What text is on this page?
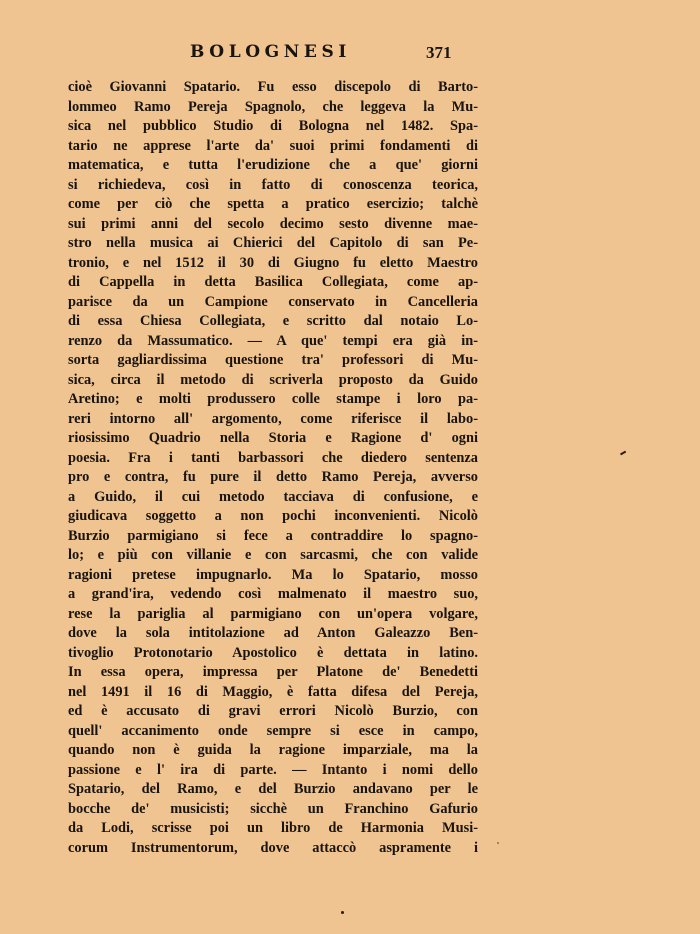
BOLOGNESI	371
cioè Giovanni Spatario. Fu esso discepolo di Barto-
lommeo Ramo Pereja Spagnolo, che leggeva la Mu-
sica nel pubblico Studio di Bologna nel 1482. Spa-
tario ne apprese l'arte da' suoi primi fondamenti di
matematica, e tutta l'erudizione che a que' giorni
si richiedeva, così in fatto di conoscenza teorica,
come per ciò che spetta a pratico esercizio; talchè
sui primi anni del secolo decimo sesto divenne mae-
stro nella musica ai Chierici del Capitolo di san Pe-
tronio, e nel 1512 il 30 di Giugno fu eletto Maestro
di Cappella in detta Basilica Collegiata, come ap-
parisce da un Campione conservato in Cancelleria
di essa Chiesa Collegiata, e scritto dal notaio Lo-
renzo da Massumatico. — A que' tempi era già in-
sorta gagliardissima questione tra' professori di Mu-
sica, circa il metodo di scriverla proposto da Guido
Aretino; e molti produssero colle stampe i loro pa-
reri intorno all' argomento, come riferisce il labo-
riosissimo Quadrio nella Storia e Ragione d' ogni
poesia. Fra i tanti barbassori che diedero sentenza
pro e contra, fu pure il detto Ramo Pereja, avverso
a Guido, il cui metodo tacciava di confusione, e
giudicava soggetto a non pochi inconvenienti. Nicolò
Burzio parmigiano si fece a contraddire lo spagno-
lo; e più con villanie e con sarcasmi, che con valide
ragioni pretese impugnarlo. Ma lo Spatario, mosso
a grand'ira, vedendo così malmenato il maestro suo,
rese la pariglia al parmigiano con un'opera volgare,
dove la sola intitolazione ad Anton Galeazzo Ben-
tivoglio Protonotario Apostolico è dettata in latino.
In essa opera, impressa per Platone de' Benedetti
nel 1491 il 16 di Maggio, è fatta difesa del Pereja,
ed è accusato di gravi errori Nicolò Burzio, con
quell' accanimento onde sempre si esce in campo,
quando non è guida la ragione imparziale, ma la
passione e l' ira di parte. — Intanto i nomi dello
Spatario, del Ramo, e del Burzio andavano per le
bocche de' musicisti; sicchè un Franchino Gafurio
da Lodi, scrisse poi un libro de Harmonia Musi-
corum Instrumentorum, dove attaccò aspramente i
